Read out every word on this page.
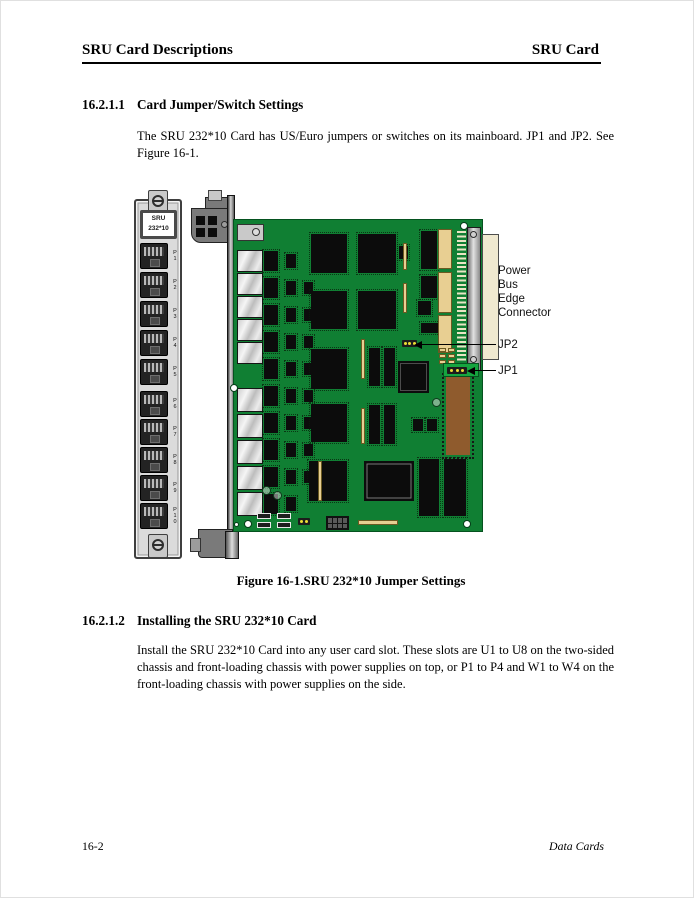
SRU Card Descriptions	SRU Card
16.2.1.1 Card Jumper/Switch Settings
The SRU 232*10 Card has US/Euro jumpers or switches on its mainboard. JP1 and JP2. See Figure 16-1.
SRU
232*10
P
1
P
2
P
3
P
4
P
5
P
6
P
7
P
8
P
9
P
1
0
Power
Bus
Edge
Connector
JP2
JP1
Figure 16-1.SRU 232*10 Jumper Settings
16.2.1.2 Installing the SRU 232*10 Card
Install the SRU 232*10 Card into any user card slot. These slots are U1 to U8 on the two-sided chassis and front-loading chassis with power supplies on top, or P1 to P4 and W1 to W4 on the front-loading chassis with power supplies on the side.
16-2	Data Cards
